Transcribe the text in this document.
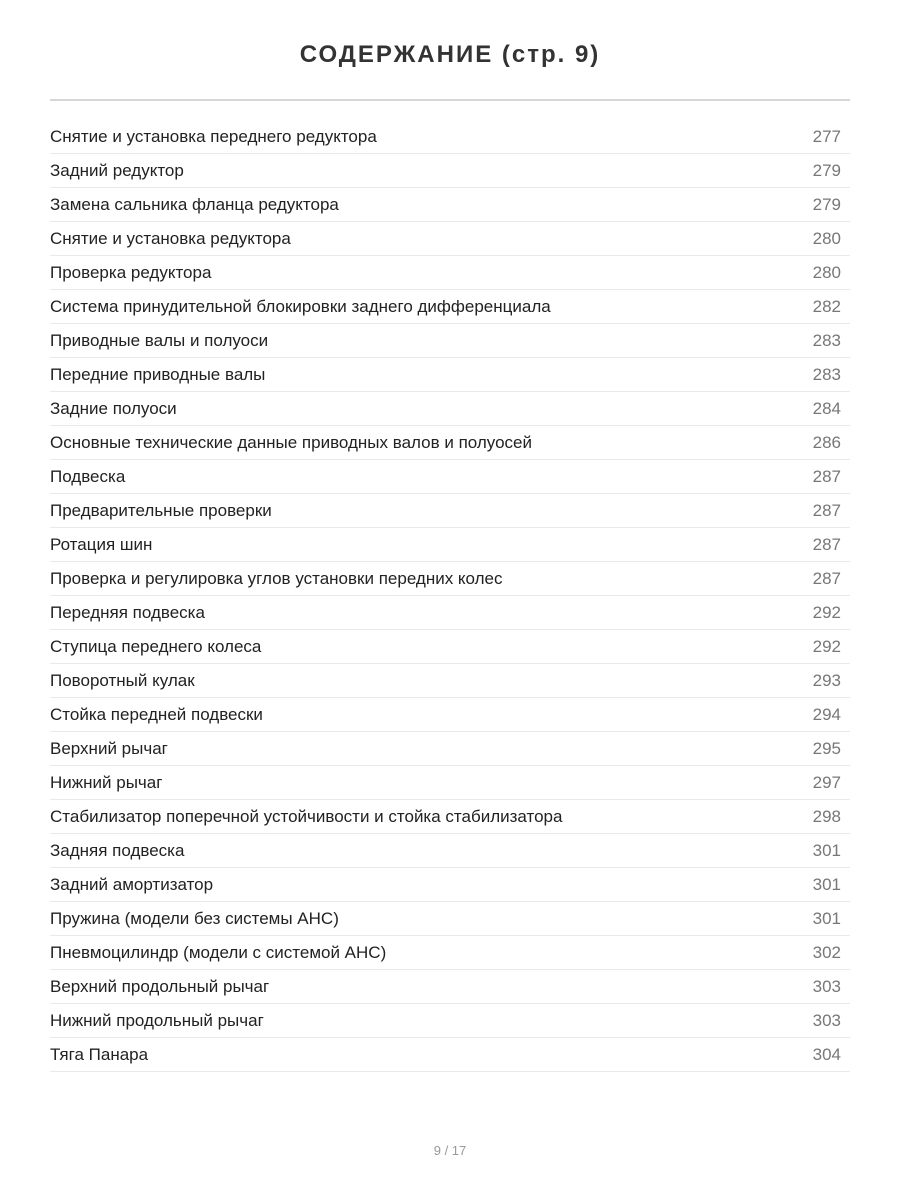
СОДЕРЖАНИЕ (стр. 9)
Снятие и установка переднего редуктора	277
Задний редуктор	279
Замена сальника фланца редуктора	279
Снятие и установка редуктора	280
Проверка редуктора	280
Система принудительной блокировки заднего дифференциала	282
Приводные валы и полуоси	283
Передние приводные валы	283
Задние полуоси	284
Основные технические данные приводных валов и полуосей	286
Подвеска	287
Предварительные проверки	287
Ротация шин	287
Проверка и регулировка углов установки передних колес	287
Передняя подвеска	292
Ступица переднего колеса	292
Поворотный кулак	293
Стойка передней подвески	294
Верхний рычаг	295
Нижний рычаг	297
Стабилизатор поперечной устойчивости и стойка стабилизатора	298
Задняя подвеска	301
Задний амортизатор	301
Пружина (модели без системы AHC)	301
Пневмоцилиндр (модели с системой AHC)	302
Верхний продольный рычаг	303
Нижний продольный рычаг	303
Тяга Панара	304
9 / 17
